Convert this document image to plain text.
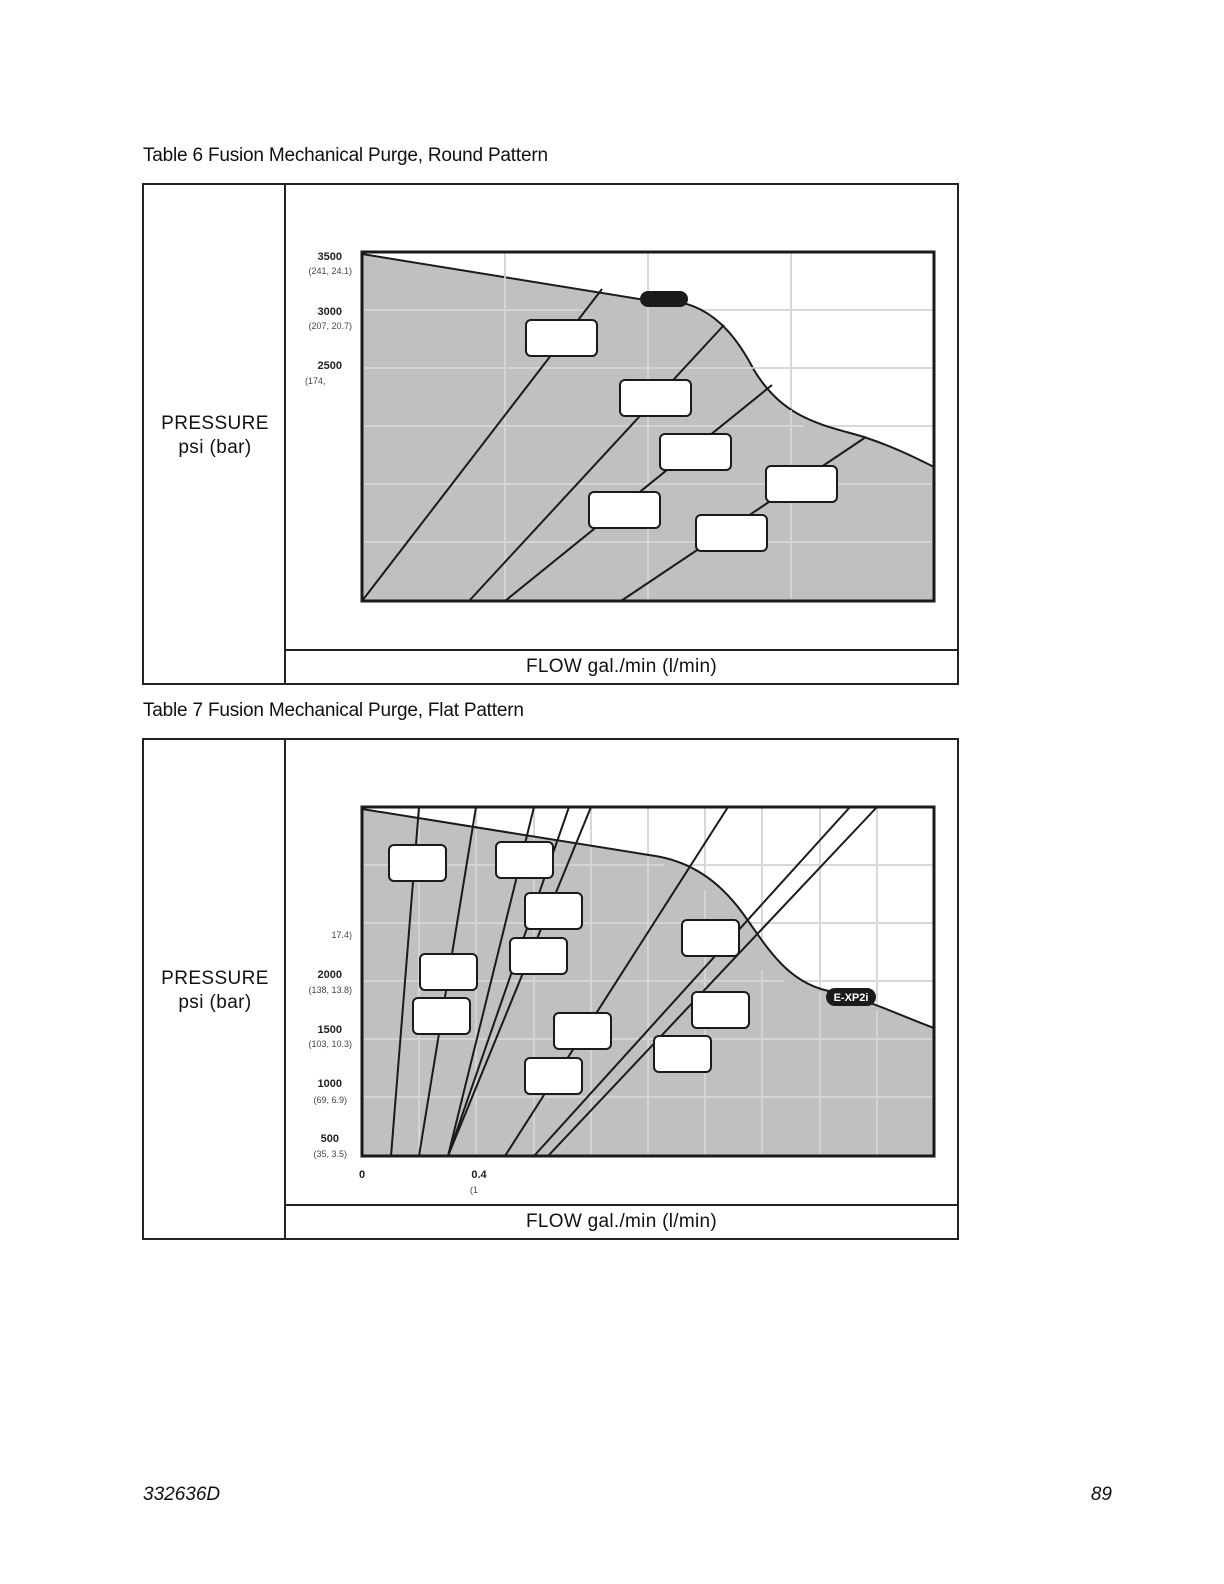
Table 6 Fusion Mechanical Purge, Round Pattern
PRESSURE
psi (bar)
3500
(241, 24.1)
3000
(207, 20.7)
2500
(174,
FLOW gal./min (l/min)
Table 7 Fusion Mechanical Purge, Flat Pattern
PRESSURE
psi (bar)	E-XP2i
17.4)
2000
(138, 13.8)
1500
(103, 10.3)
1000
(69, 6.9)
500
(35, 3.5)
0	0.4
(1
FLOW gal./min (l/min)
332636D	89
